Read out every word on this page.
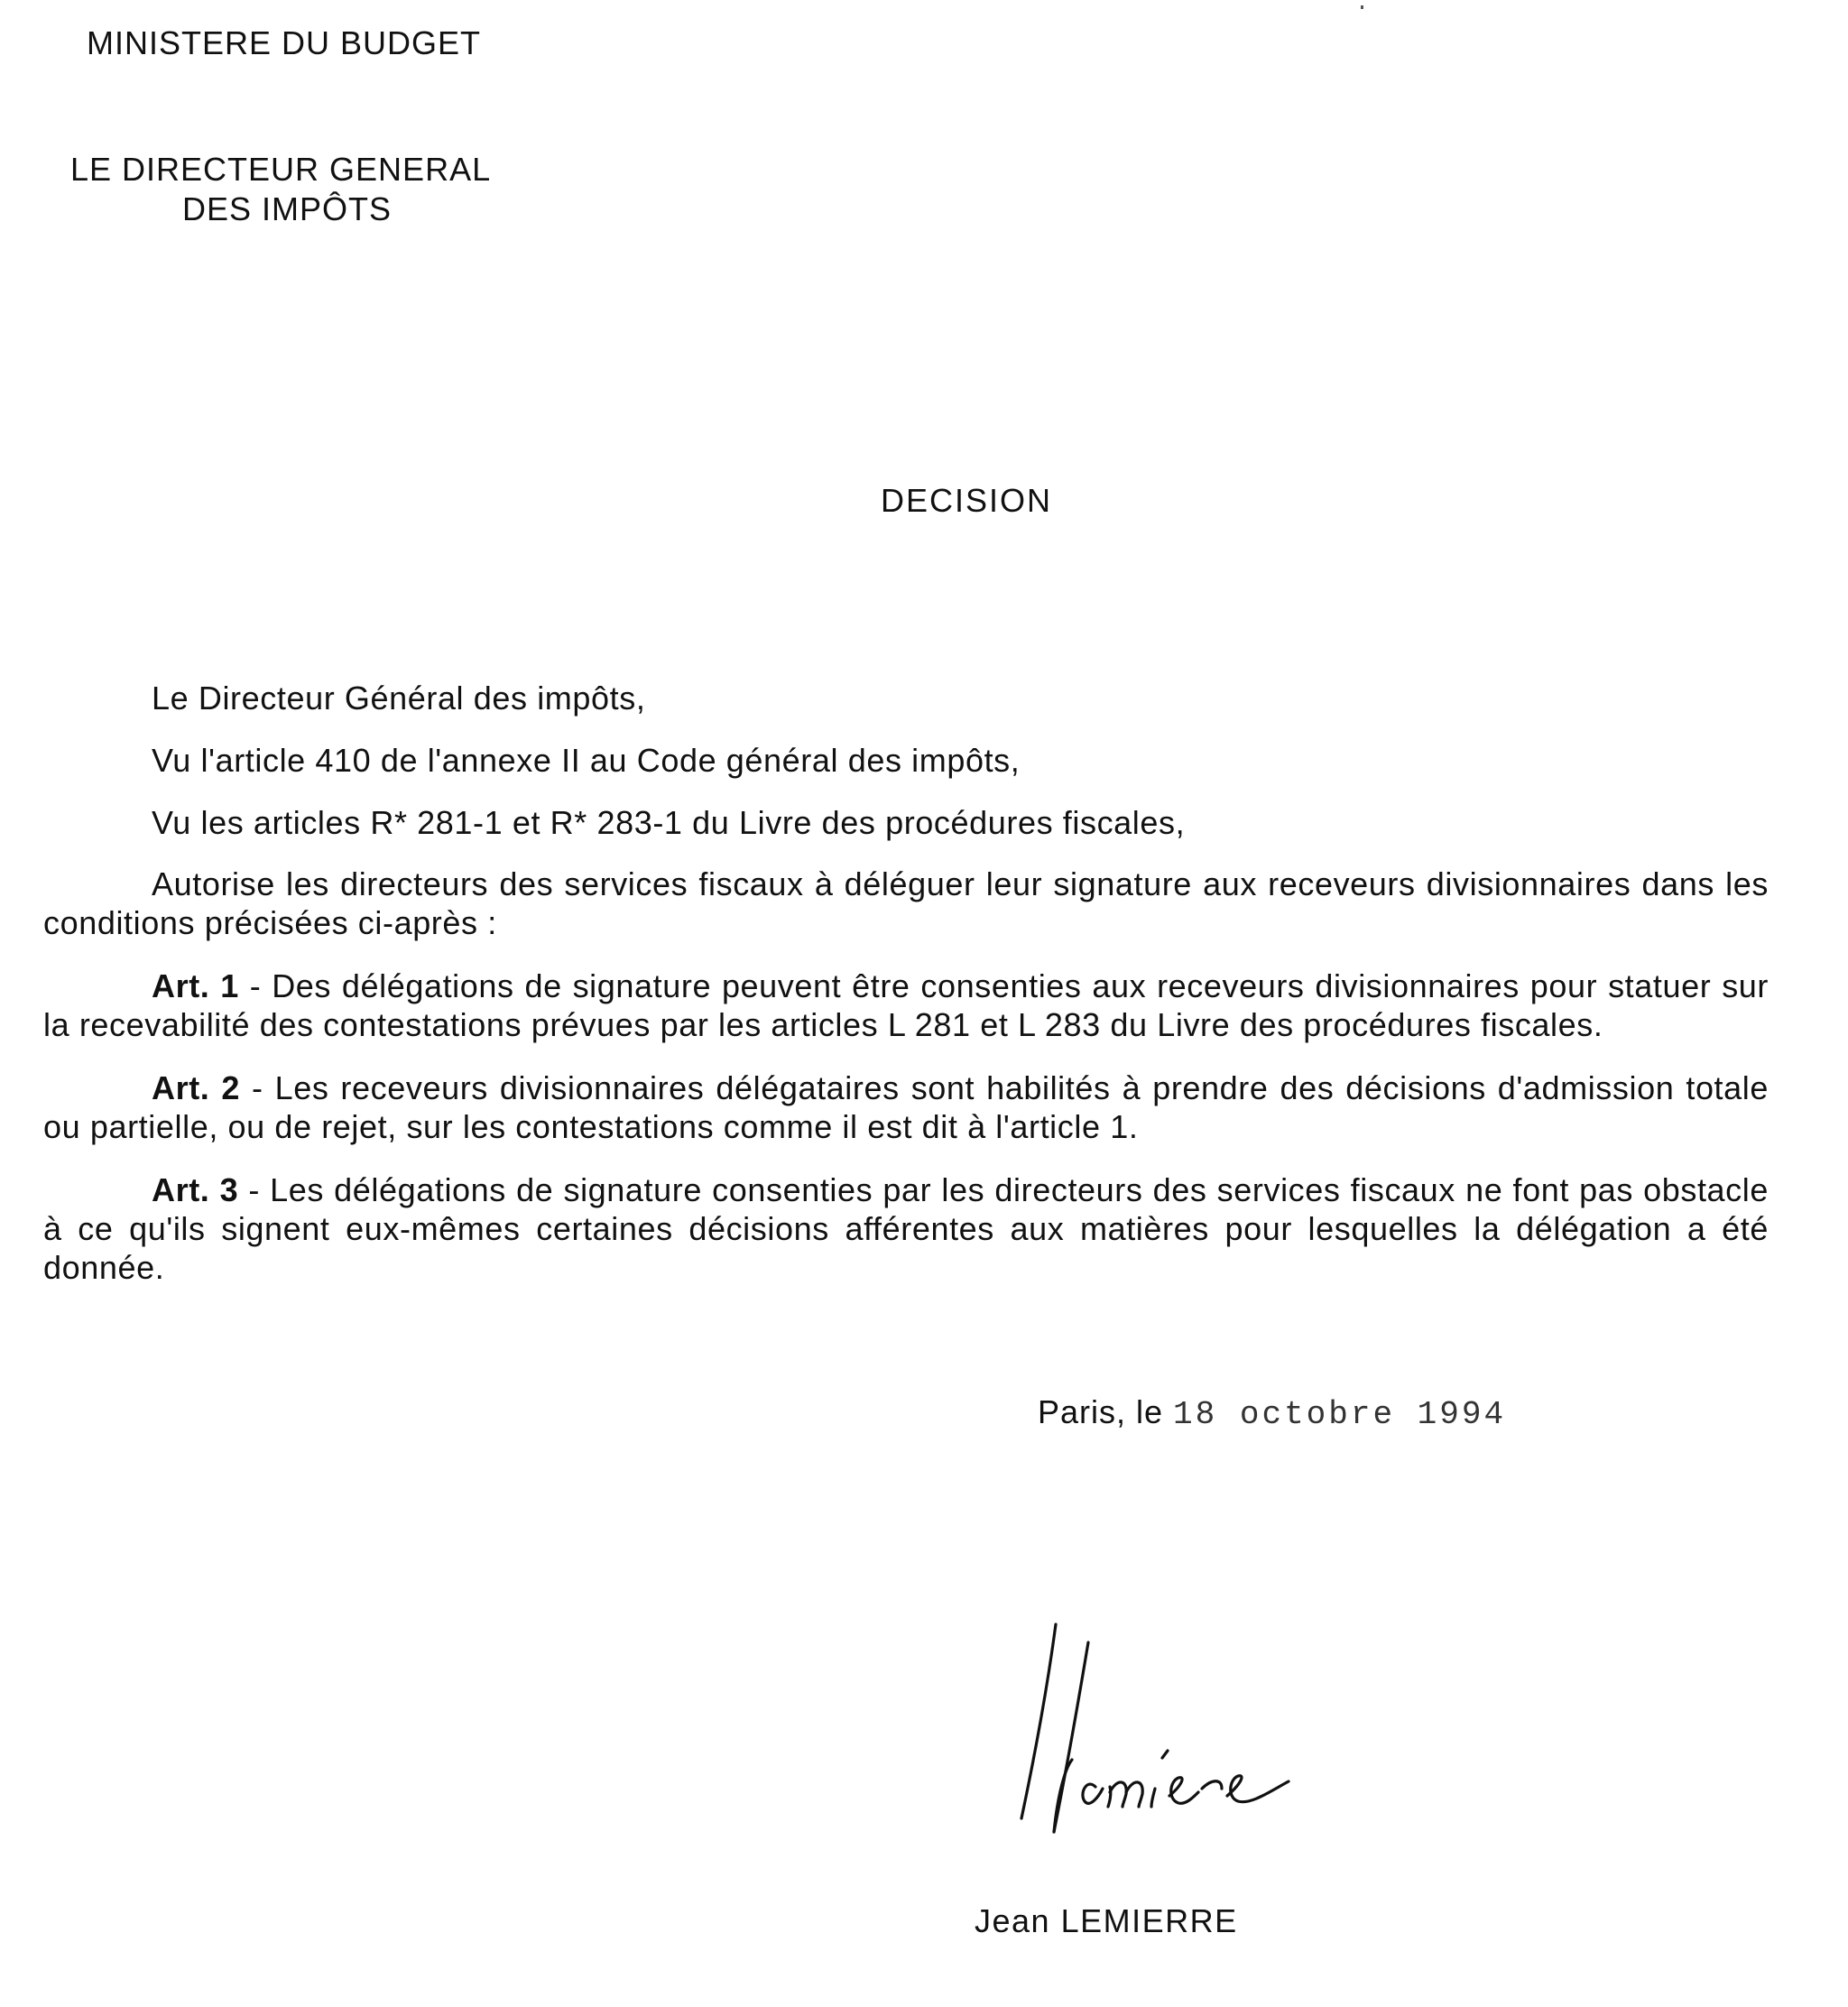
MINISTERE DU BUDGET
LE DIRECTEUR GENERAL
DES IMPÔTS
DECISION
Le Directeur Général des impôts,
Vu l'article 410 de l'annexe II au Code général des impôts,
Vu les articles R* 281-1 et R* 283-1 du Livre des procédures fiscales,
Autorise les directeurs des services fiscaux à déléguer leur signature aux receveurs divisionnaires dans les conditions précisées ci-après :
Art. 1 - Des délégations de signature peuvent être consenties aux receveurs divisionnaires pour statuer sur la recevabilité des contestations prévues par les articles L 281 et L 283 du Livre des procédures fiscales.
Art. 2 - Les receveurs divisionnaires délégataires sont habilités à prendre des décisions d'admission totale ou partielle, ou de rejet, sur les contestations comme il est dit à l'article 1.
Art. 3 - Les délégations de signature consenties par les directeurs des services fiscaux ne font pas obstacle à ce qu'ils signent eux-mêmes certaines décisions afférentes aux matières pour lesquelles la délégation a été donnée.
Paris, le 18 octobre 1994
Jean LEMIERRE
